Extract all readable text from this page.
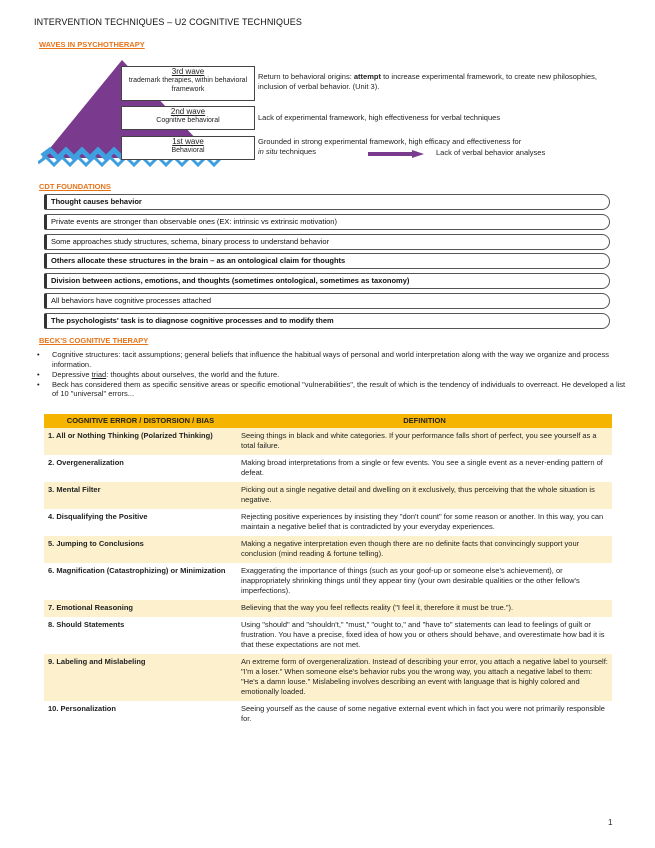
INTERVENTION TECHNIQUES – U2 COGNITIVE TECHNIQUES
WAVES IN PSYCHOTHERAPY
3rd wave
trademark therapies, within behavioral framework
2nd wave
Cognitive behavioral
1st wave
Behavioral
Return to behavioral origins: attempt to increase experimental framework, to create new philosophies, inclusion of verbal behavior. (Unit 3).
Lack of experimental framework, high effectiveness for verbal techniques
Grounded in strong experimental framework, high efficacy and effectiveness for
in situ techniques	Lack of verbal behavior analyses
CDT FOUNDATIONS
Thought causes behavior
Private events are stronger than observable ones (EX: intrinsic vs extrinsic motivation)
Some approaches study structures, schema, binary process to understand behavior
Others allocate these structures in the brain – as an ontological claim for thoughts
Division between actions, emotions, and thoughts (sometimes ontological, sometimes as taxonomy)
All behaviors have cognitive processes attached
The psychologists' task is to diagnose cognitive processes and to modify them
BECK'S COGNITIVE THERAPY
• Cognitive structures: tacit assumptions; general beliefs that influence the habitual ways of personal and world interpretation along with the way we organize and process information.
• Depressive triad: thoughts about ourselves, the world and the future.
• Beck has considered them as specific sensitive areas or specific emotional "vulnerabilities", the result of which is the tendency of individuals to overreact. He developed a list of 10 "universal" errors...
COGNITIVE ERROR / DISTORSION / BIAS	DEFINITION
1. All or Nothing Thinking (Polarized Thinking)	Seeing things in black and white categories. If your performance falls short of perfect, you see yourself as a total failure.
2. Overgeneralization	Making broad interpretations from a single or few events. You see a single event as a never-ending pattern of defeat.
3. Mental Filter	Picking out a single negative detail and dwelling on it exclusively, thus perceiving that the whole situation is negative.
4. Disqualifying the Positive	Rejecting positive experiences by insisting they "don't count" for some reason or another. In this way, you can maintain a negative belief that is contradicted by your everyday experiences.
5. Jumping to Conclusions	Making a negative interpretation even though there are no definite facts that convincingly support your conclusion (mind reading & fortune telling).
6. Magnification (Catastrophizing) or Minimization	Exaggerating the importance of things (such as your goof-up or someone else's achievement), or inappropriately shrinking things until they appear tiny (your own desirable qualities or the other fellow's imperfections).
7. Emotional Reasoning	Believing that the way you feel reflects reality ("I feel it, therefore it must be true.").
8. Should Statements	Using "should" and "shouldn't," "must," "ought to," and "have to" statements can lead to feelings of guilt or frustration. You have a precise, fixed idea of how you or others should behave, and overestimate how bad it is that these expectations are not met.
9. Labeling and Mislabeling	An extreme form of overgeneralization. Instead of describing your error, you attach a negative label to yourself: "I'm a loser." When someone else's behavior rubs you the wrong way, you attach a negative label to them: "He's a damn louse." Mislabeling involves describing an event with language that is highly colored and emotionally loaded.
10. Personalization	Seeing yourself as the cause of some negative external event which in fact you were not primarily responsible for.
1
